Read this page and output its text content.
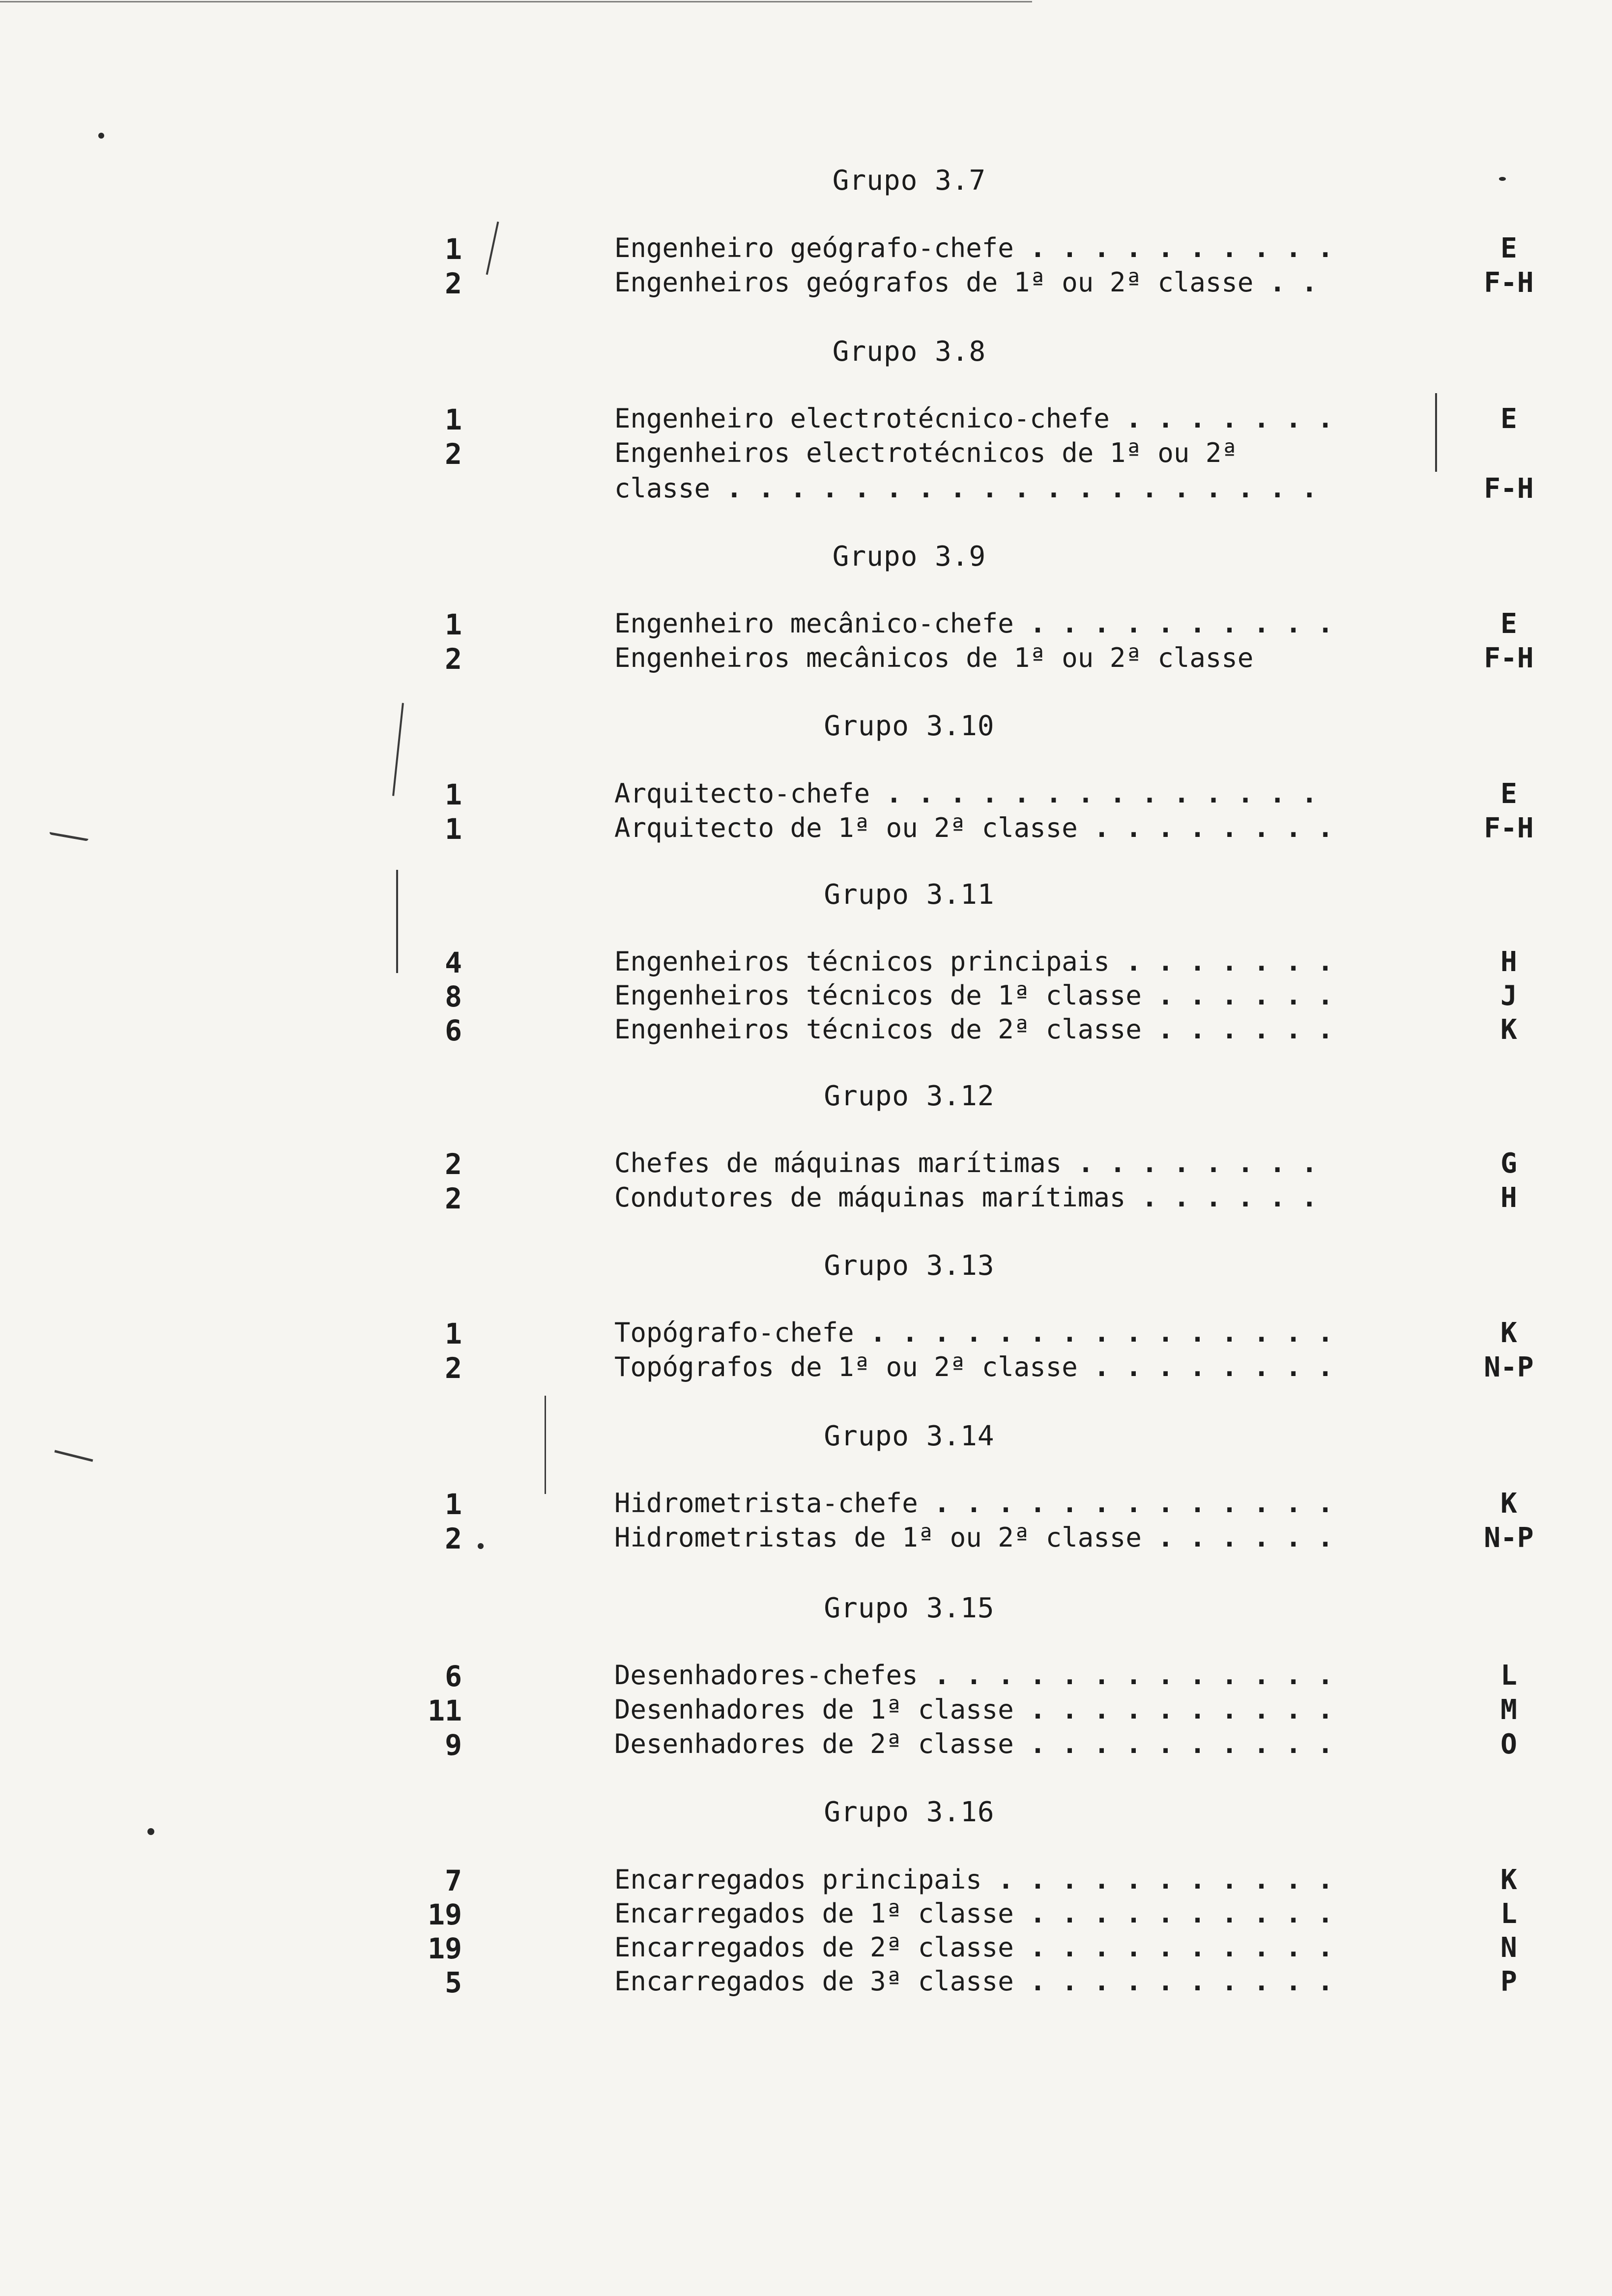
Grupo 3.7
1	Engenheiro geógrafo-chefe . . .	E
2	Engenheiros geógrafos de 1ª ou 2ª classe . . .	F-H
Grupo 3.8
1	Engenheiro electrotécnico-chefe . . .	E
2	Engenheiros electrotécnicos de 1ª ou 2ª
classe . . .	F-H
Grupo 3.9
1	Engenheiro mecânico-chefe . . .	E
2	Engenheiros mecânicos de 1ª ou 2ª classe	F-H
Grupo 3.10
1	Arquitecto-chefe . . .	E
1	Arquitecto de 1ª ou 2ª classe . . .	F-H
Grupo 3.11
4	Engenheiros técnicos principais . . .	H
8	Engenheiros técnicos de 1ª classe . . .	J
6	Engenheiros técnicos de 2ª classe . . .	K
Grupo 3.12
2	Chefes de máquinas marítimas . . .	G
2	Condutores de máquinas marítimas . . .	H
Grupo 3.13
1	Topógrafo-chefe . . .	K
2	Topógrafos de 1ª ou 2ª classe . . .	N-P
Grupo 3.14
1	Hidrometrista-chefe . . .	K
2	Hidrometristas de 1ª ou 2ª classe . . .	N-P
Grupo 3.15
6	Desenhadores-chefes . . .	L
11	Desenhadores de 1ª classe . . .	M
9	Desenhadores de 2ª classe . . .	O
Grupo 3.16
7	Encarregados principais . . .	K
19	Encarregados de 1ª classe . . .	L
19	Encarregados de 2ª classe . . .	N
5	Encarregados de 3ª classe . . .	P
